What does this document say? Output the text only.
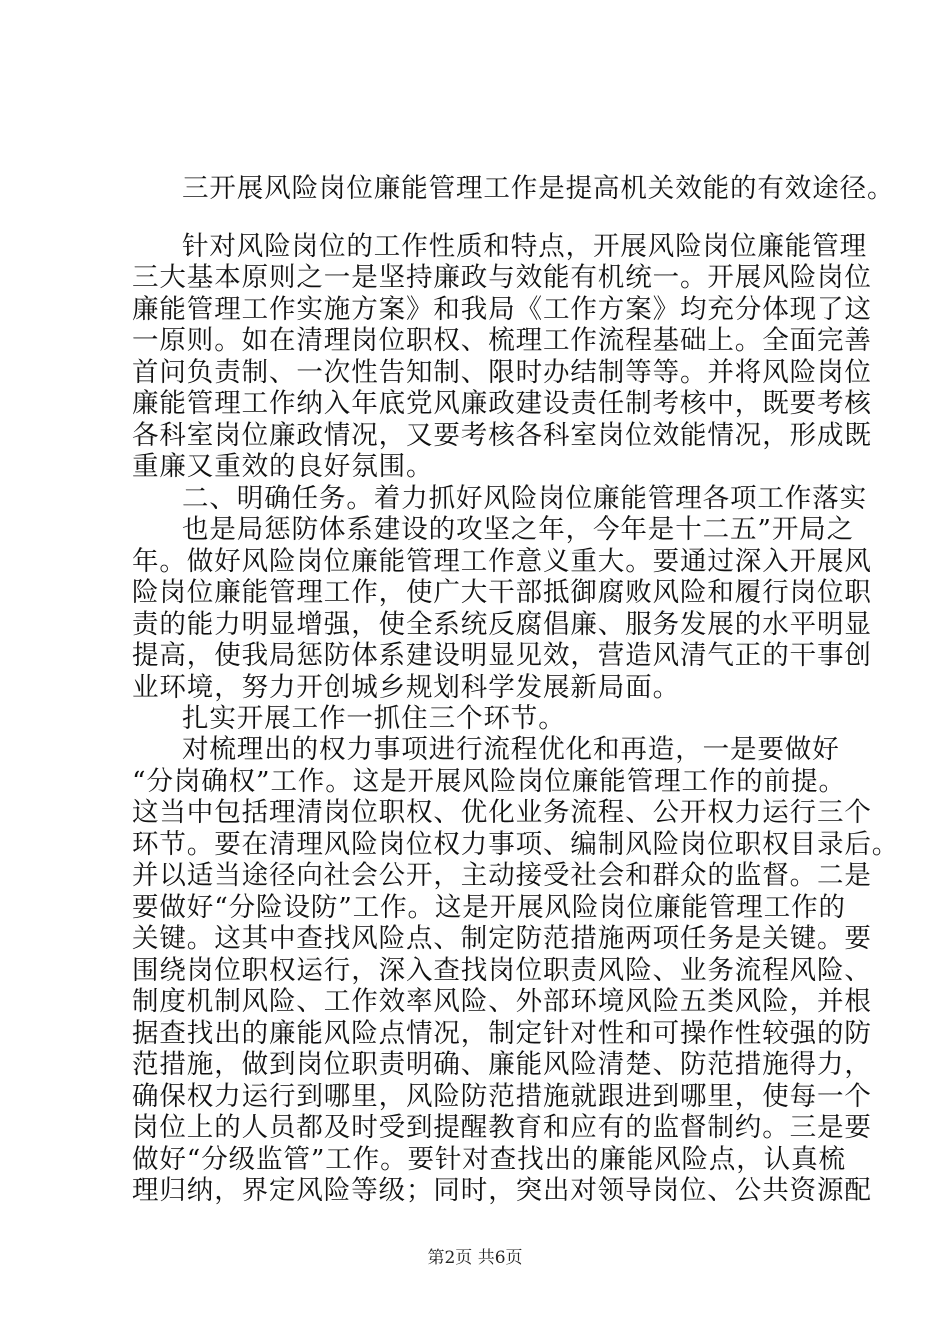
三开展风险岗位廉能管理工作是提高机关效能的有效途径。
针对风险岗位的工作性质和特点，开展风险岗位廉能管理
三大基本原则之一是坚持廉政与效能有机统一。开展风险岗位
廉能管理工作实施方案》和我局《工作方案》均充分体现了这
一原则。如在清理岗位职权、梳理工作流程基础上。全面完善
首问负责制、一次性告知制、限时办结制等等。并将风险岗位
廉能管理工作纳入年底党风廉政建设责任制考核中，既要考核
各科室岗位廉政情况，又要考核各科室岗位效能情况，形成既
重廉又重效的良好氛围。
二、明确任务。着力抓好风险岗位廉能管理各项工作落实
也是局惩防体系建设的攻坚之年，今年是十二五”开局之
年。做好风险岗位廉能管理工作意义重大。要通过深入开展风
险岗位廉能管理工作，使广大干部抵御腐败风险和履行岗位职
责的能力明显增强，使全系统反腐倡廉、服务发展的水平明显
提高，使我局惩防体系建设明显见效，营造风清气正的干事创
业环境，努力开创城乡规划科学发展新局面。
扎实开展工作一抓住三个环节。
对梳理出的权力事项进行流程优化和再造，一是要做好
“分岗确权”工作。这是开展风险岗位廉能管理工作的前提。
这当中包括理清岗位职权、优化业务流程、公开权力运行三个
环节。要在清理风险岗位权力事项、编制风险岗位职权目录后。
并以适当途径向社会公开，主动接受社会和群众的监督。二是
要做好“分险设防”工作。这是开展风险岗位廉能管理工作的
关键。这其中查找风险点、制定防范措施两项任务是关键。要
围绕岗位职权运行，深入查找岗位职责风险、业务流程风险、
制度机制风险、工作效率风险、外部环境风险五类风险，并根
据查找出的廉能风险点情况，制定针对性和可操作性较强的防
范措施，做到岗位职责明确、廉能风险清楚、防范措施得力，
确保权力运行到哪里，风险防范措施就跟进到哪里，使每一个
岗位上的人员都及时受到提醒教育和应有的监督制约。三是要
做好“分级监管”工作。要针对查找出的廉能风险点，认真梳
理归纳，界定风险等级；同时，突出对领导岗位、公共资源配
第2页 共6页
